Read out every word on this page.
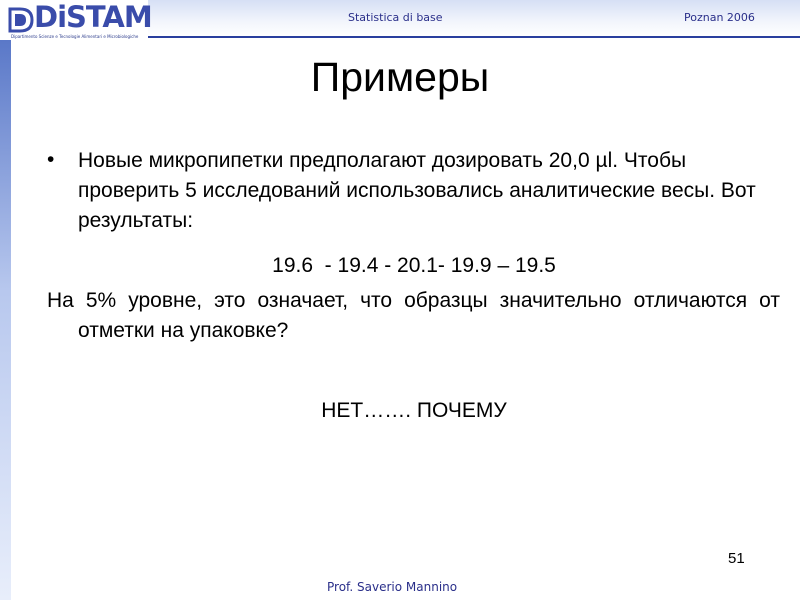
DiSTAM
Dipartimento Scienze e Tecnologie Alimentari e Microbiologiche
Statistica di base	Poznan 2006
Примеры
• Новые микропипетки предполагают дозировать 20,0 µl. Чтобы проверить 5 исследований использовались аналитические весы. Вот результаты:
19.6  - 19.4 - 20.1- 19.9 – 19.5
На 5% уровне, это означает, что образцы значительно отличаются от отметки на упаковке?
НЕТ……. ПОЧЕМУ
51
Prof. Saverio Mannino
